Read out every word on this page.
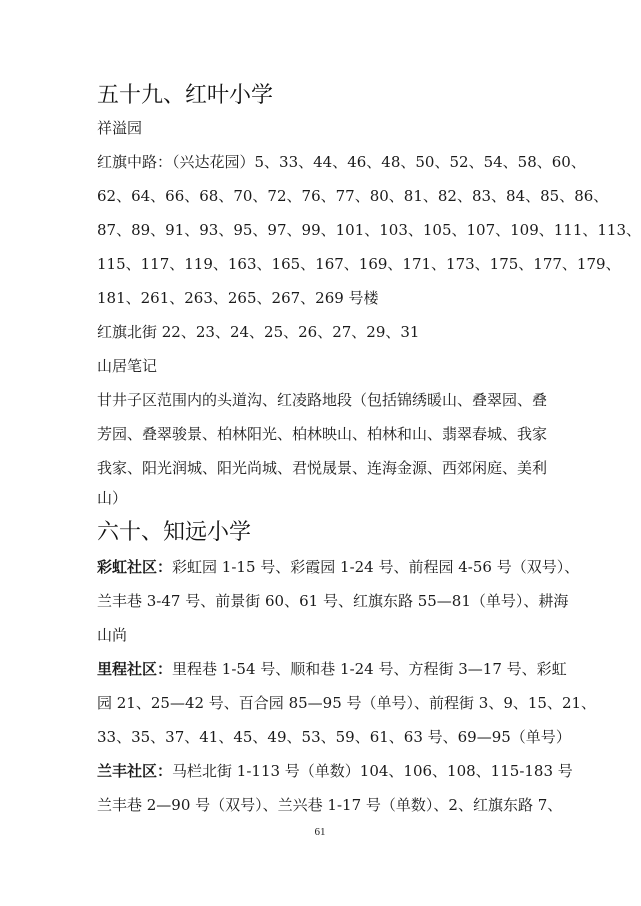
五十九、红叶小学
祥溢园
红旗中路：（兴达花园）5、33、44、46、48、50、52、54、58、60、
62、64、66、68、70、72、76、77、80、81、82、83、84、85、86、
87、89、91、93、95、97、99、101、103、105、107、109、111、113、
115、117、119、163、165、167、169、171、173、175、177、179、
181、261、263、265、267、269 号楼
红旗北街 22、23、24、25、26、27、29、31
山居笔记
甘井子区范围内的头道沟、红凌路地段（包括锦绣暖山、叠翠园、叠
芳园、叠翠骏景、柏林阳光、柏林映山、柏林和山、翡翠春城、我家
我家、阳光润城、阳光尚城、君悦晟景、连海金源、西郊闲庭、美利
山）
六十、知远小学
彩虹社区：彩虹园 1-15 号、彩霞园 1-24 号、前程园 4-56 号（双号）、
兰丰巷 3-47 号、前景街 60、61 号、红旗东路 55—81（单号）、耕海
山尚
里程社区：里程巷 1-54 号、顺和巷 1-24 号、方程街 3—17 号、彩虹
园 21、25—42 号、百合园 85—95 号（单号）、前程街 3、9、15、21、
33、35、37、41、45、49、53、59、61、63 号、69—95（单号）
兰丰社区：马栏北街 1-113 号（单数）104、106、108、115-183 号
兰丰巷 2—90 号（双号）、兰兴巷 1-17 号（单数）、2、红旗东路 7、
61
